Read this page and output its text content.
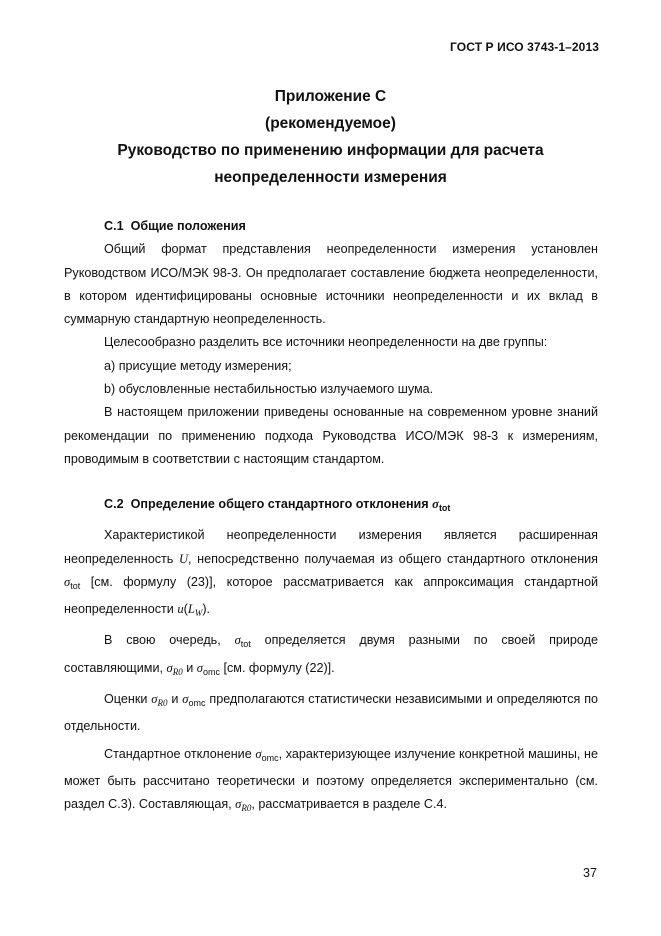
ГОСТ Р ИСО 3743-1–2013
Приложение С
(рекомендуемое)
Руководство по применению информации для расчета
неопределенности измерения

С.1  Общие положения

Общий формат представления неопределенности измерения установлен Руководством ИСО/МЭК 98-3. Он предполагает составление бюджета неопределенности, в котором идентифицированы основные источники неопределенности и их вклад в суммарную стандартную неопределенность.

Целесообразно разделить все источники неопределенности на две группы:

a) присущие методу измерения;

b) обусловленные нестабильностью излучаемого шума.

В настоящем приложении приведены основанные на современном уровне знаний рекомендации по применению подхода Руководства ИСО/МЭК 98-3 к измерениям, проводимым в соответствии с настоящим стандартом.

С.2  Определение общего стандартного отклонения $\sigma_{tot}$

Характеристикой неопределенности измерения является расширенная неопределенность U, непосредственно получаемая из общего стандартного отклонения $\sigma_{tot}$ [см. формулу (23)], которое рассматривается как аппроксимация стандартной неопределенности $u(L_W)$.

В свою очередь, $\sigma_{tot}$ определяется двумя разными по своей природе составляющими, $\sigma_{R0}$ и $\sigma_{omc}$ [см. формулу (22)].

Оценки $\sigma_{R0}$ и $\sigma_{omc}$ предполагаются статистически независимыми и определяются по отдельности.

Стандартное отклонение $\sigma_{omc}$, характеризующее излучение конкретной машины, не может быть рассчитано теоретически и поэтому определяется экспериментально (см. раздел С.3). Составляющая, $\sigma_{R0}$, рассматривается в разделе С.4.

37
